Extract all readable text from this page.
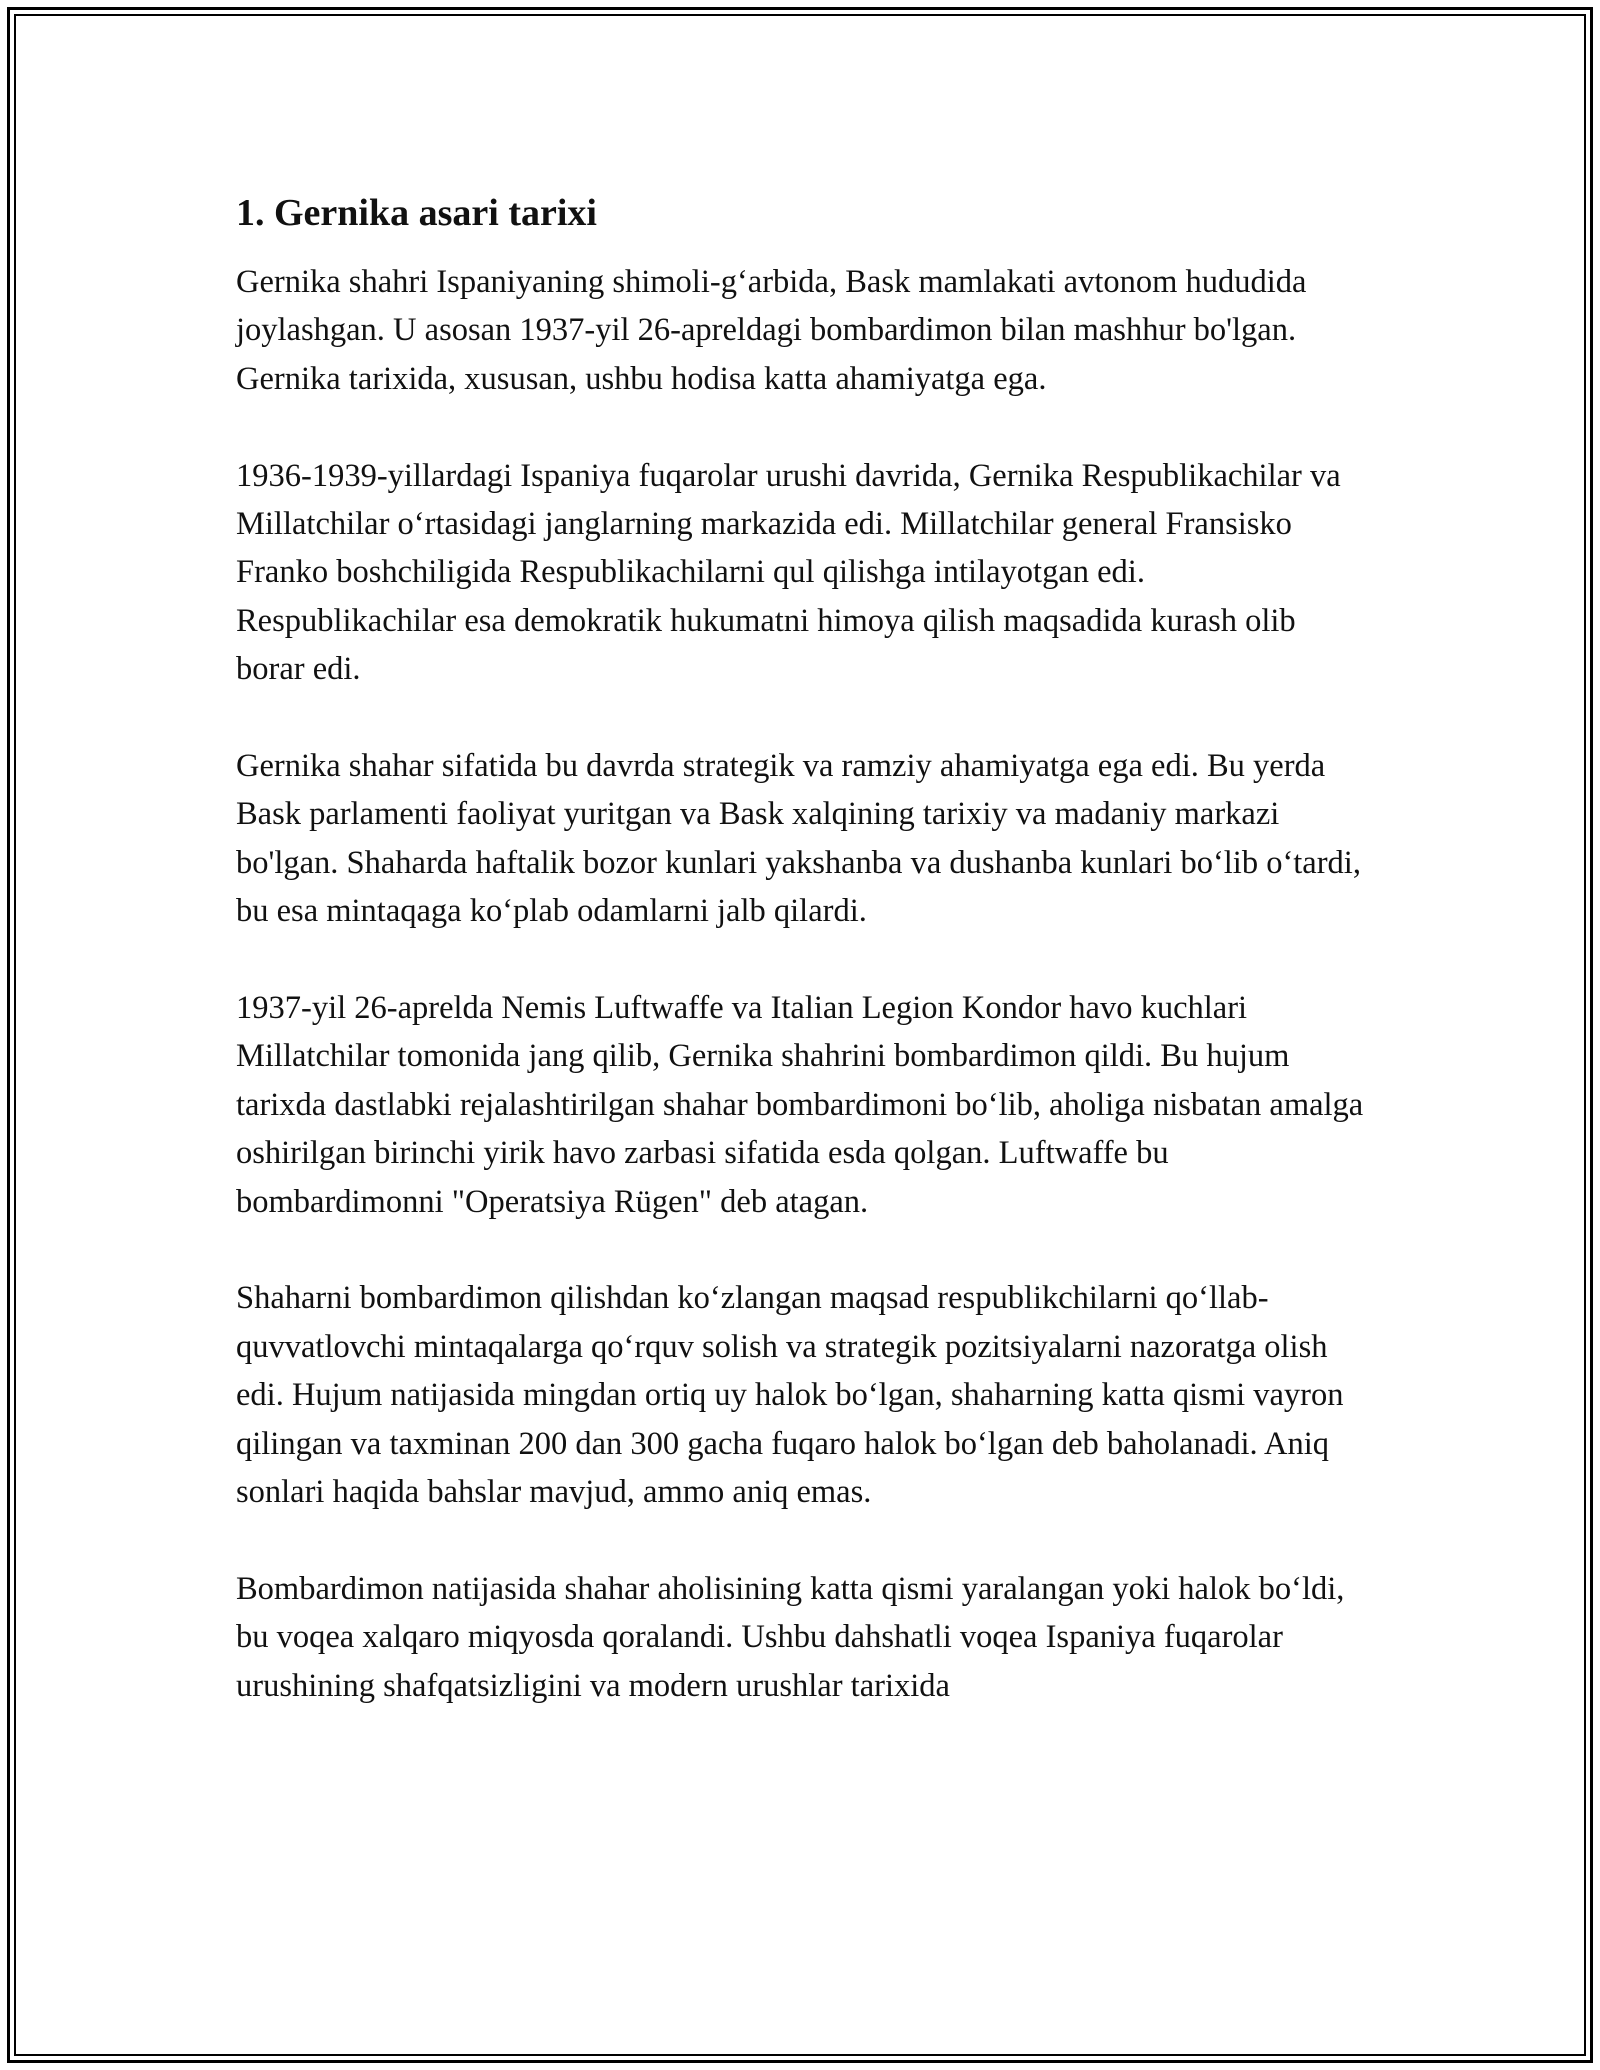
1. Gernika asari tarixi

Gernika shahri Ispaniyaning shimoli-g‘arbida, Bask mamlakati avtonom hududida joylashgan. U asosan 1937-yil 26-apreldagi bombardimon bilan mashhur bo'lgan. Gernika tarixida, xususan, ushbu hodisa katta ahamiyatga ega.

1936-1939-yillardagi Ispaniya fuqarolar urushi davrida, Gernika Respublikachilar va Millatchilar o‘rtasidagi janglarning markazida edi. Millatchilar general Fransisko Franko boshchiligida Respublikachilarni qul qilishga intilayotgan edi. Respublikachilar esa demokratik hukumatni himoya qilish maqsadida kurash olib borar edi.

Gernika shahar sifatida bu davrda strategik va ramziy ahamiyatga ega edi. Bu yerda Bask parlamenti faoliyat yuritgan va Bask xalqining tarixiy va madaniy markazi bo'lgan. Shaharda haftalik bozor kunlari yakshanba va dushanba kunlari bo‘lib o‘tardi, bu esa mintaqaga ko‘plab odamlarni jalb qilardi.

1937-yil 26-aprelda Nemis Luftwaffe va Italian Legion Kondor havo kuchlari Millatchilar tomonida jang qilib, Gernika shahrini bombardimon qildi. Bu hujum tarixda dastlabki rejalashtirilgan shahar bombardimoni bo‘lib, aholiga nisbatan amalga oshirilgan birinchi yirik havo zarbasi sifatida esda qolgan. Luftwaffe bu bombardimonni "Operatsiya Rügen" deb atagan.

Shaharni bombardimon qilishdan ko‘zlangan maqsad respublikchilarni qo‘llab-quvvatlovchi mintaqalarga qo‘rquv solish va strategik pozitsiyalarni nazoratga olish edi. Hujum natijasida mingdan ortiq uy halok bo‘lgan, shaharning katta qismi vayron qilingan va taxminan 200 dan 300 gacha fuqaro halok bo‘lgan deb baholanadi. Aniq sonlari haqida bahslar mavjud, ammo aniq emas.

Bombardimon natijasida shahar aholisining katta qismi yaralangan yoki halok bo‘ldi, bu voqea xalqaro miqyosda qoralandi. Ushbu dahshatli voqea Ispaniya fuqarolar urushining shafqatsizligini va modern urushlar tarixida
